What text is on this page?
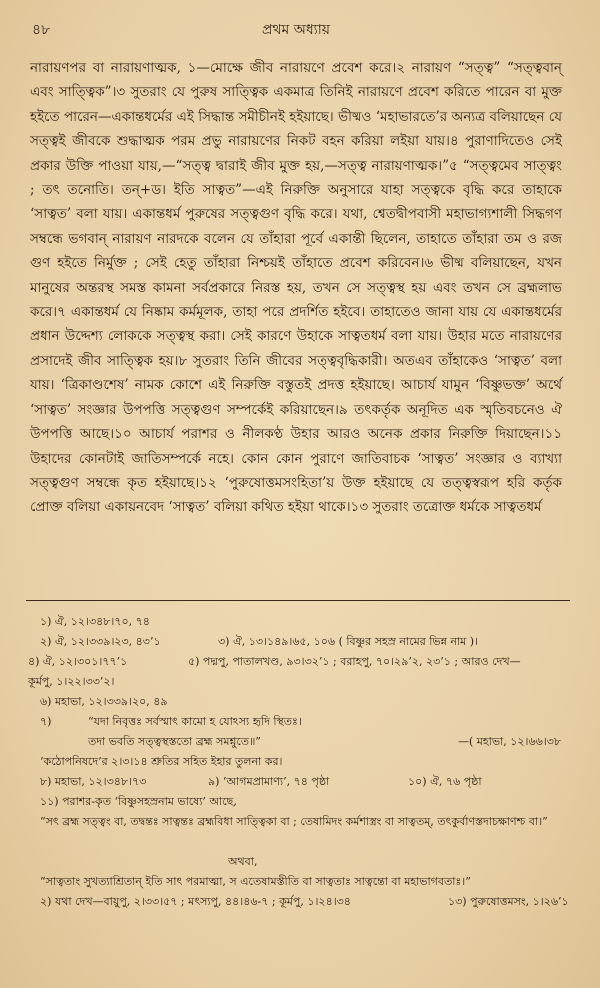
৪৮	প্রথম অধ্যায়

নারায়ণপর বা নারায়ণাত্মক, ১—মোক্ষে জীব নারায়ণে প্রবেশ করে।২ নারায়ণ “সত্ত্ব” “সত্ত্ববান্‌ এবং সাত্ত্বিক”।৩ সুতরাং যে পুরুষ সাত্ত্বিক একমাত্র তিনিই নারায়ণে প্রবেশ করিতে পারেন বা মুক্ত হইতে পারেন—একান্তধর্মের এই সিদ্ধান্ত সমীচীনই হইয়াছে। ভীষ্মও ‘মহাভারতে’র অন্যত্র বলিয়াছেন যে সত্ত্বই জীবকে শুদ্ধাত্মক পরম প্রভু নারায়ণের নিকট বহন করিয়া লইয়া যায়।৪ পুরাণাদিতেও সেই প্রকার উক্তি পাওয়া যায়,—“সত্ত্ব দ্বারাই জীব মুক্ত হয়,—সত্ত্ব নারায়ণাত্মক।”৫ “সত্ত্বমেব সাত্ত্বং ; তৎ তনোতি। তন্‌+ড। ইতি সাত্বত”—এই নিরুক্তি অনুসারে যাহা সত্ত্বকে বৃদ্ধি করে তাহাকে ‘সাত্বত’ বলা যায়। একান্তধর্ম পুরুষের সত্ত্বগুণ বৃদ্ধি করে। যথা, শ্বেতদ্বীপবাসী মহাভাগ্যশালী সিদ্ধগণ সম্বন্ধে ভগবান্‌ নারায়ণ নারদকে বলেন যে তাঁহারা পূর্বে একান্তী ছিলেন, তাহাতে তাঁহারা তম ও রজ গুণ হইতে নির্মুক্ত ; সেই হেতু তাঁহারা নিশ্চয়ই তাঁহাতে প্রবেশ করিবেন।৬ ভীষ্ম বলিয়াছেন, যখন মানুষের অন্তরস্থ সমস্ত কামনা সর্বপ্রকারে নিরস্ত হয়, তখন সে সত্ত্বস্থ হয় এবং তখন সে ব্রহ্মলাভ করে।৭ একান্তধর্ম যে নিষ্কাম কর্মমূলক, তাহা পরে প্রদর্শিত হইবে। তাহাতেও জানা যায় যে একান্তধর্মের প্রধান উদ্দেশ্য লোককে সত্ত্বস্থ করা। সেই কারণে উহাকে সাত্বতধর্ম বলা যায়। উহার মতে নারায়ণের প্রসাদেই জীব সাত্ত্বিক হয়।৮ সুতরাং তিনি জীবের সত্ত্ববৃদ্ধিকারী। অতএব তাঁহাকেও ‘সাত্বত’ বলা যায়। ‘ত্রিকাণ্ডশেষ’ নামক কোশে এই নিরুক্তি বস্তুতই প্রদত্ত হইয়াছে। আচার্য যামুন ‘বিষ্ণুভক্ত’ অর্থে ‘সাত্বত’ সংজ্ঞার উপপত্তি সত্ত্বগুণ সম্পর্কেই করিয়াছেন।৯ তৎকর্তৃক অনূদিত এক স্মৃতিবচনেও ঐ উপপত্তি আছে।১০ আচার্য পরাশর ও নীলকণ্ঠ উহার আরও অনেক প্রকার নিরুক্তি দিয়াছেন।১১ উহাদের কোনটাই জাতিসম্পর্কে নহে। কোন কোন পুরাণে জাতিবাচক ‘সাত্বত’ সংজ্ঞার ও ব্যাখ্যা সত্ত্বগুণ সম্বন্ধে কৃত হইয়াছে।১২ ‘পুরুষোত্তমসংহিতা’য় উক্ত হইয়াছে যে তত্ত্বস্বরূপ হরি কর্তৃক প্রোক্ত বলিয়া একায়নবেদ ‘সাত্বত’ বলিয়া কথিত হইয়া থাকে।১৩ সুতরাং তত্রোক্ত ধর্মকে সাত্বতধর্ম

১) ঐ, ১২।৩৪৮।৭০, ৭৪
২) ঐ, ১২।৩৩৯।২৩, ৪৩’১	৩) ঐ, ১৩।১৪৯।৬৫, ১০৬ ( বিষ্ণুর সহস্র নামের ভিন্ন নাম )।
৪) ঐ, ১২।৩০১।৭৭’১	৫) পদ্মপু, পাতালখণ্ড, ৯৩।৩২’১ ; বরাহপু, ৭০।২৯’২, ২৩’১ ; আরও দেখ—
কূর্মপু, ১।২২।৩৩’২।
৬) মহাভা, ১২।৩৩৯।২০, ৪৯
৭)	“যদা নিবৃত্তঃ সর্বস্মাৎ কামো হ যোঽস্য হৃদি স্থিতঃ।
তদা ভবতি সত্ত্বস্থস্ততো ব্রহ্ম সমশ্নুতে॥”	—( মহাভা, ১২।৬৬।৩৮
‘কঠোপনিষদে’র ২।৩।১৪ শ্রুতির সহিত ইহার তুলনা কর।
৮) মহাভা, ১২।৩৪৮।৭৩	৯) ‘আগমপ্রামাণ্য’, ৭৪ পৃষ্ঠা	১০) ঐ, ৭৬ পৃষ্ঠা
১১) পরাশর-কৃত ‘বিষ্ণুসহস্রনাম ভাষ্যে’ আছে,
“সৎ ব্রহ্ম সত্ত্বং বা, তদ্বন্তঃ সাত্বন্তঃ ব্রহ্মবিধা সাত্ত্বিকা বা ; তেষামিদং কর্মশাস্ত্রং বা সাত্বতম্‌, তৎকুর্বাণস্তদাচক্ষাণশ্চ বা।”
অথবা,
“সাত্বতাং সুখত্যাশ্রিতান্‌ ইতি সাৎ পরমাত্মা, স এতেষামস্তীতি বা সাত্বতাঃ সাত্বন্তো বা মহাভাগবতাঃ।”
২) যথা দেখ—বায়ুপু, ২।৩৩।৫৭ ; মৎস্যপু, ৪৪।৪৬-৭ ; কূর্মপু, ১।২৪।৩৪	১৩) পুরুষোত্তমসং, ১।২৬’১
